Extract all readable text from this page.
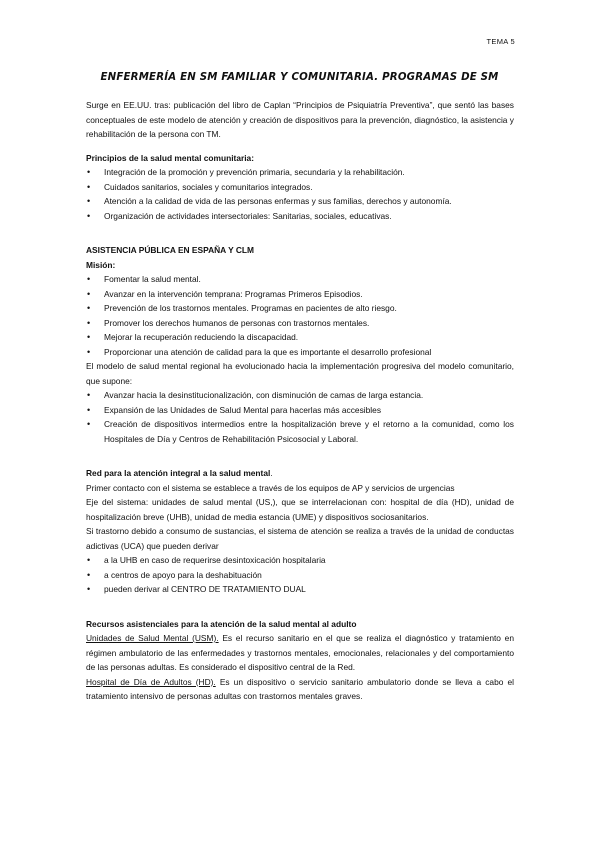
TEMA 5
ENFERMERÍA EN SM FAMILIAR Y COMUNITARIA. PROGRAMAS DE SM

Surge en EE.UU. tras: publicación del libro de Caplan “Principios de Psiquiatría Preventiva”, que sentó las bases conceptuales de este modelo de atención y creación de dispositivos para la prevención, diagnóstico, la asistencia y rehabilitación de la persona con TM.

Principios de la salud mental comunitaria:

• Integración de la promoción y prevención primaria, secundaria y la rehabilitación.
• Cuidados sanitarios, sociales y comunitarios integrados.
• Atención a la calidad de vida de las personas enfermas y sus familias, derechos y autonomía.
• Organización de actividades intersectoriales: Sanitarias, sociales, educativas.

ASISTENCIA PÚBLICA EN ESPAÑA Y CLM

Misión:

• Fomentar la salud mental.
• Avanzar en la intervención temprana: Programas Primeros Episodios.
• Prevención de los trastornos mentales. Programas en pacientes de alto riesgo.
• Promover los derechos humanos de personas con trastornos mentales.
• Mejorar la recuperación reduciendo la discapacidad.
• Proporcionar una atención de calidad para la que es importante el desarrollo profesional

El modelo de salud mental regional ha evolucionado hacia la implementación progresiva del modelo comunitario, que supone:

• Avanzar hacia la desinstitucionalización, con disminución de camas de larga estancia.
• Expansión de las Unidades de Salud Mental para hacerlas más accesibles
• Creación de dispositivos intermedios entre la hospitalización breve y el retorno a la comunidad, como los Hospitales de Día y Centros de Rehabilitación Psicosocial y Laboral.

Red para la atención integral a la salud mental.

Primer contacto con el sistema se establece a través de los equipos de AP y servicios de urgencias

Eje del sistema: unidades de salud mental (US,), que se interrelacionan con: hospital de día (HD), unidad de hospitalización breve (UHB), unidad de media estancia (UME) y dispositivos sociosanitarios.

Si trastorno debido a consumo de sustancias, el sistema de atención se realiza a través de la unidad de conductas adictivas (UCA) que pueden derivar

• a la UHB en caso de requerirse desintoxicación hospitalaria
• a centros de apoyo para la deshabituación
• pueden derivar al CENTRO DE TRATAMIENTO DUAL

Recursos asistenciales para la atención de la salud mental al adulto

Unidades de Salud Mental (USM). Es el recurso sanitario en el que se realiza el diagnóstico y tratamiento en régimen ambulatorio de las enfermedades y trastornos mentales, emocionales, relacionales y del comportamiento de las personas adultas. Es considerado el dispositivo central de la Red.

Hospital de Día de Adultos (HD). Es un dispositivo o servicio sanitario ambulatorio donde se lleva a cabo el tratamiento intensivo de personas adultas con trastornos mentales graves.
